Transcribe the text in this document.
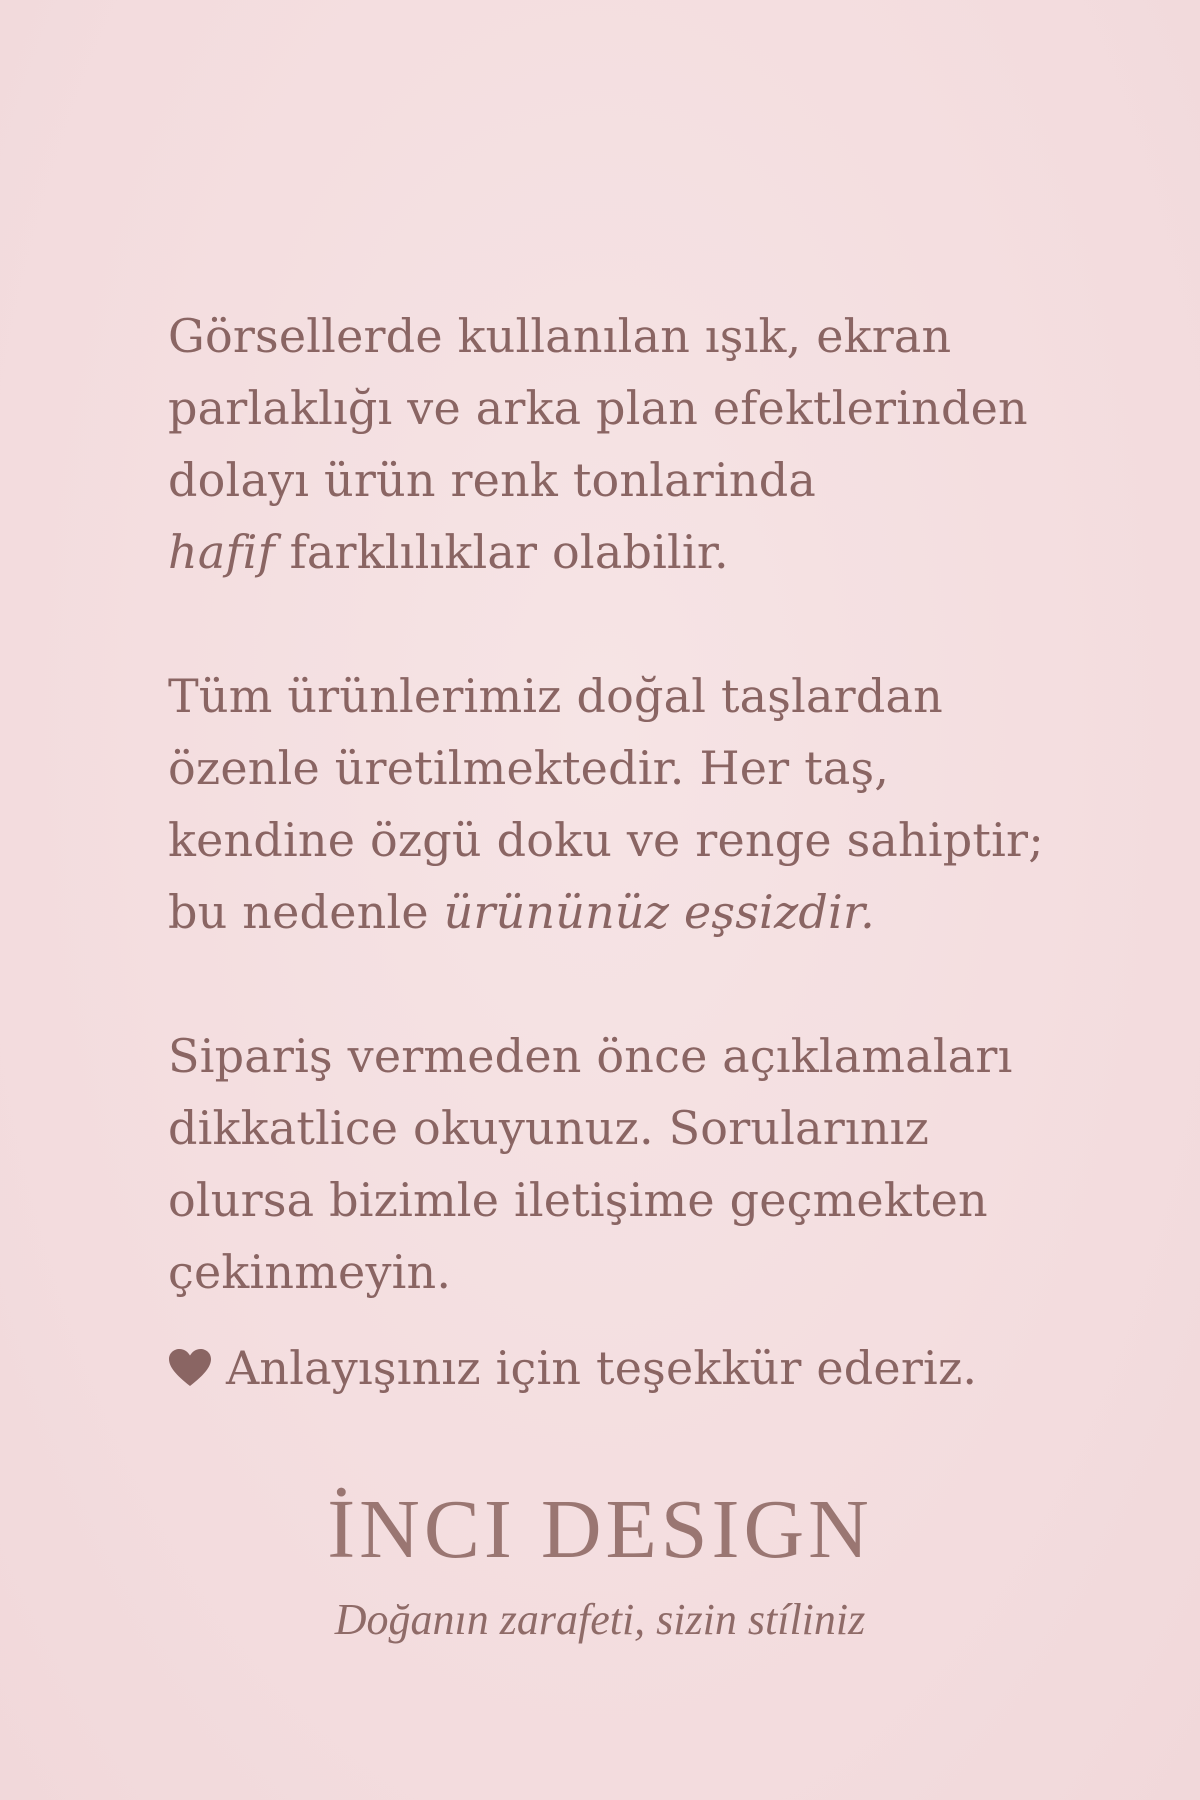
Görsellerde kullanılan ışık, ekran

parlaklığı ve arka plan efektlerinden

dolayı ürün renk tonlarinda

hafif farklılıklar olabilir.

Tüm ürünlerimiz doğal taşlardan

özenle üretilmektedir. Her taş,

kendine özgü doku ve renge sahiptir;

bu nedenle ürününüz eşsizdir.

Sipariş vermeden önce açıklamaları

dikkatlice okuyunuz. Sorularınız

olursa bizimle iletişime geçmekten

çekinmeyin.

Anlayışınız için teşekkür ederiz.

İNCI DESIGN

Doğanın zarafeti, sizin stíliniz
